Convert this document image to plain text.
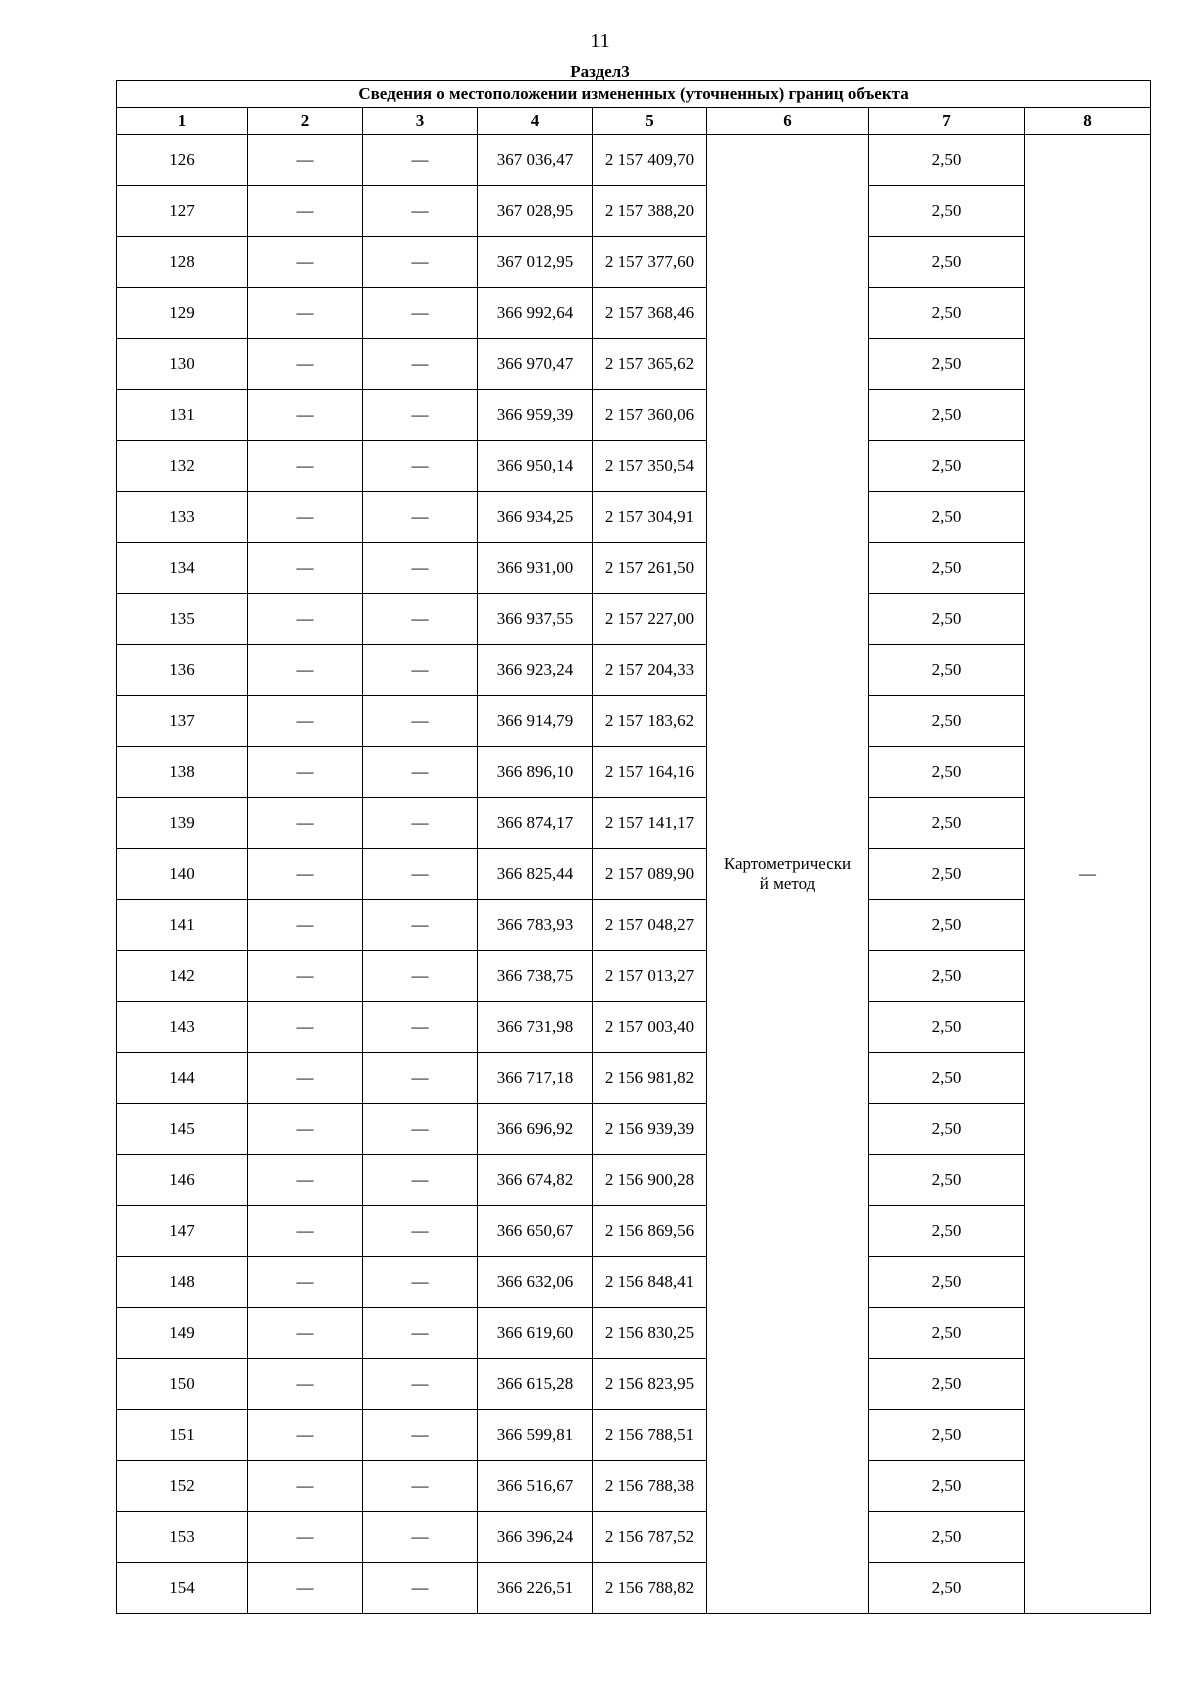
11
Раздел3
Сведения о местоположении измененных (уточненных) границ объекта							
1	2	3	4	5	6	7	8
126	—	—	367 036,47	2 157 409,70	Картометрически
й метод	2,50	—
127	—	—	367 028,95	2 157 388,20		2,50	
128	—	—	367 012,95	2 157 377,60		2,50	
129	—	—	366 992,64	2 157 368,46		2,50	
130	—	—	366 970,47	2 157 365,62		2,50	
131	—	—	366 959,39	2 157 360,06		2,50	
132	—	—	366 950,14	2 157 350,54		2,50	
133	—	—	366 934,25	2 157 304,91		2,50	
134	—	—	366 931,00	2 157 261,50		2,50	
135	—	—	366 937,55	2 157 227,00		2,50	
136	—	—	366 923,24	2 157 204,33		2,50	
137	—	—	366 914,79	2 157 183,62		2,50	
138	—	—	366 896,10	2 157 164,16		2,50	
139	—	—	366 874,17	2 157 141,17		2,50	
140	—	—	366 825,44	2 157 089,90		2,50	
141	—	—	366 783,93	2 157 048,27		2,50	
142	—	—	366 738,75	2 157 013,27		2,50	
143	—	—	366 731,98	2 157 003,40		2,50	
144	—	—	366 717,18	2 156 981,82		2,50	
145	—	—	366 696,92	2 156 939,39		2,50	
146	—	—	366 674,82	2 156 900,28		2,50	
147	—	—	366 650,67	2 156 869,56		2,50	
148	—	—	366 632,06	2 156 848,41		2,50	
149	—	—	366 619,60	2 156 830,25		2,50	
150	—	—	366 615,28	2 156 823,95		2,50	
151	—	—	366 599,81	2 156 788,51		2,50	
152	—	—	366 516,67	2 156 788,38		2,50	
153	—	—	366 396,24	2 156 787,52		2,50	
154	—	—	366 226,51	2 156 788,82		2,50	
